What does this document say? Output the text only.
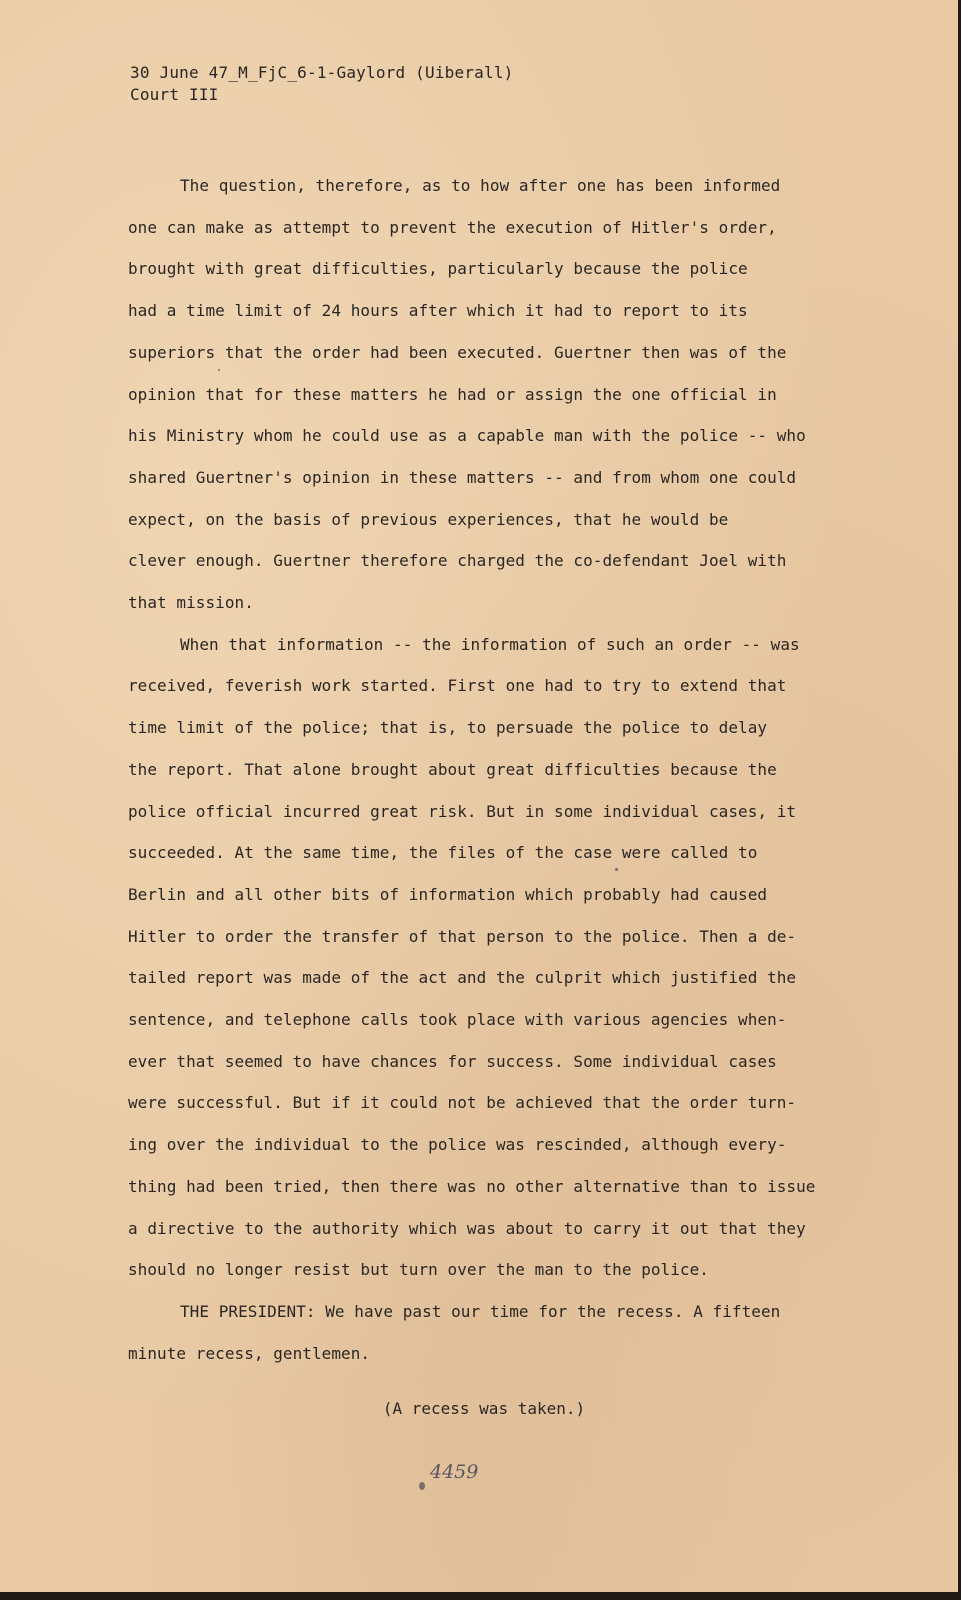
30 June 47_M_FjC_6-1-Gaylord (Uiberall)
Court III
The question, therefore, as to how after one has been informed
one can make as attempt to prevent the execution of Hitler's order,
brought with great difficulties, particularly because the police
had a time limit of 24 hours after which it had to report to its
superiors that the order had been executed. Guertner then was of the
opinion that for these matters he had or assign the one official in
his Ministry whom he could use as a capable man with the police -- who
shared Guertner's opinion in these matters -- and from whom one could
expect, on the basis of previous experiences, that he would be
clever enough. Guertner therefore charged the co-defendant Joel with
that mission.
When that information -- the information of such an order -- was
received, feverish work started. First one had to try to extend that
time limit of the police; that is, to persuade the police to delay
the report. That alone brought about great difficulties because the
police official incurred great risk. But in some individual cases, it
succeeded. At the same time, the files of the case were called to
Berlin and all other bits of information which probably had caused
Hitler to order the transfer of that person to the police. Then a de-
tailed report was made of the act and the culprit which justified the
sentence, and telephone calls took place with various agencies when-
ever that seemed to have chances for success. Some individual cases
were successful. But if it could not be achieved that the order turn-
ing over the individual to the police was rescinded, although every-
thing had been tried, then there was no other alternative than to issue
a directive to the authority which was about to carry it out that they
should no longer resist but turn over the man to the police.
THE PRESIDENT: We have past our time for the recess. A fifteen
minute recess, gentlemen.
(A recess was taken.)
4459
